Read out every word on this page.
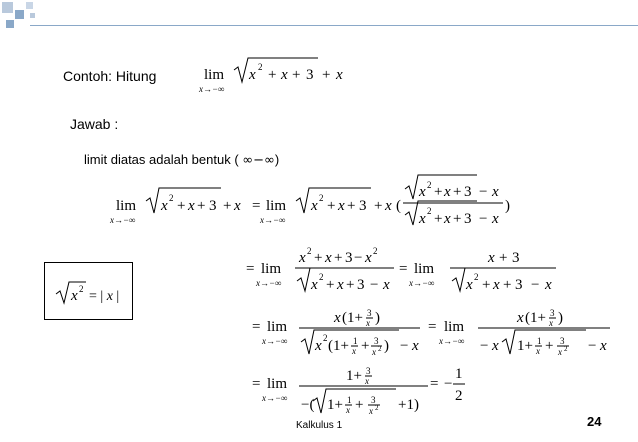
Contoh: Hitung
Jawab :
limit diatas adalah bentuk ( ∞−∞)
lim
x→−∞
x 2 + x + 3 + x
lim
x→−∞
x 2 + x + 3 + x = lim
x→−∞
x 2 + x + 3 + x (
x 2 + x + 3 − x
x 2 + x + 3 − x
)
= lim
x→−∞
x 2 + x + 3 − x 2
x 2 + x + 3 − x
= lim
x→−∞
x + 3
x 2 + x + 3 − x
= lim
x→−∞
x (1+ 3
x )
x 2 (1+ 1
x + 3
x 2 ) − x
= lim
x→−∞
x (1+ 3
x )
− x 1+ 1
x + 3
x 2 − x
= lim
x→−∞
1+ 3
x
−( 1+ 1
x + 3
x 2 +1)
= −
1
2
x 2 = | x |
Kalkulus 1	24
